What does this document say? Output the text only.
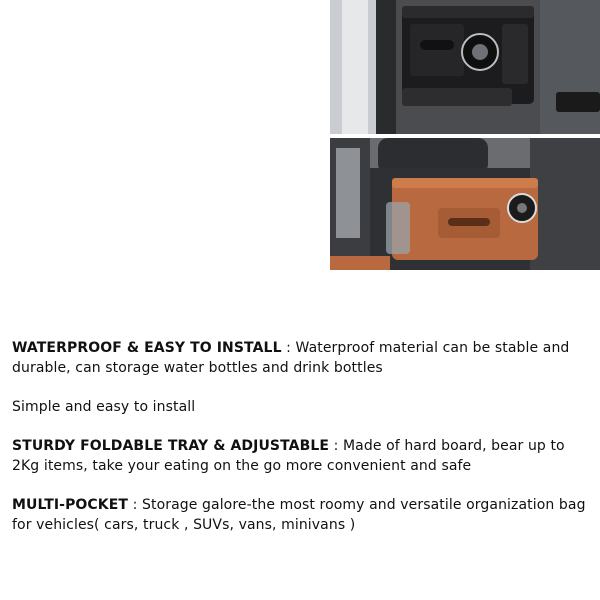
WATERPROOF & EASY TO INSTALL : Waterproof material can be stable and durable, can storage water bottles and drink bottles

Simple and easy to install

STURDY FOLDABLE TRAY & ADJUSTABLE : Made of hard board, bear up to 2Kg items, take your eating on the go more convenient and safe

MULTI-POCKET : Storage galore-the most roomy and versatile organization bag for vehicles( cars, truck , SUVs, vans, minivans )
